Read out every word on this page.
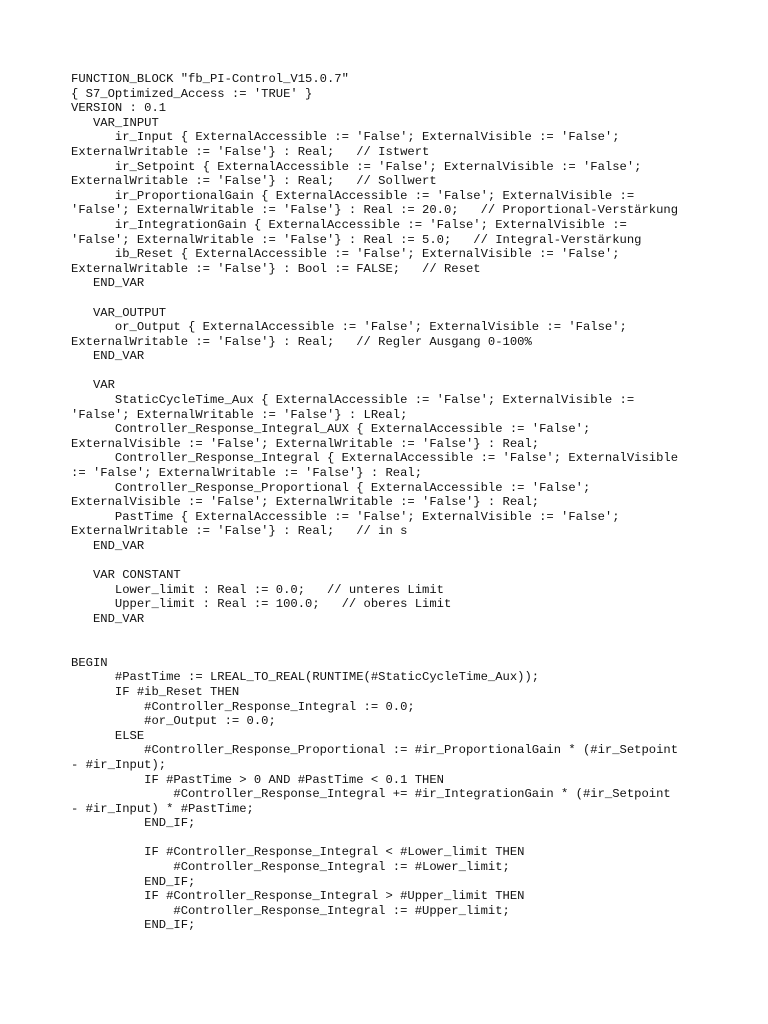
FUNCTION_BLOCK "fb_PI-Control_V15.0.7"
{ S7_Optimized_Access := 'TRUE' }
VERSION : 0.1
VAR_INPUT
ir_Input { ExternalAccessible := 'False'; ExternalVisible := 'False';
ExternalWritable := 'False'} : Real;   // Istwert
ir_Setpoint { ExternalAccessible := 'False'; ExternalVisible := 'False';
ExternalWritable := 'False'} : Real;   // Sollwert
ir_ProportionalGain { ExternalAccessible := 'False'; ExternalVisible :=
'False'; ExternalWritable := 'False'} : Real := 20.0;   // Proportional-Verstärkung
ir_IntegrationGain { ExternalAccessible := 'False'; ExternalVisible :=
'False'; ExternalWritable := 'False'} : Real := 5.0;   // Integral-Verstärkung
ib_Reset { ExternalAccessible := 'False'; ExternalVisible := 'False';
ExternalWritable := 'False'} : Bool := FALSE;   // Reset
END_VAR
VAR_OUTPUT
or_Output { ExternalAccessible := 'False'; ExternalVisible := 'False';
ExternalWritable := 'False'} : Real;   // Regler Ausgang 0-100%
END_VAR
VAR
StaticCycleTime_Aux { ExternalAccessible := 'False'; ExternalVisible :=
'False'; ExternalWritable := 'False'} : LReal;
Controller_Response_Integral_AUX { ExternalAccessible := 'False';
ExternalVisible := 'False'; ExternalWritable := 'False'} : Real;
Controller_Response_Integral { ExternalAccessible := 'False'; ExternalVisible
:= 'False'; ExternalWritable := 'False'} : Real;
Controller_Response_Proportional { ExternalAccessible := 'False';
ExternalVisible := 'False'; ExternalWritable := 'False'} : Real;
PastTime { ExternalAccessible := 'False'; ExternalVisible := 'False';
ExternalWritable := 'False'} : Real;   // in s
END_VAR
VAR CONSTANT
Lower_limit : Real := 0.0;   // unteres Limit
Upper_limit : Real := 100.0;   // oberes Limit
END_VAR
BEGIN
#PastTime := LREAL_TO_REAL(RUNTIME(#StaticCycleTime_Aux));
IF #ib_Reset THEN
#Controller_Response_Integral := 0.0;
#or_Output := 0.0;
ELSE
#Controller_Response_Proportional := #ir_ProportionalGain * (#ir_Setpoint
- #ir_Input);
IF #PastTime > 0 AND #PastTime < 0.1 THEN
#Controller_Response_Integral += #ir_IntegrationGain * (#ir_Setpoint
- #ir_Input) * #PastTime;
END_IF;
IF #Controller_Response_Integral < #Lower_limit THEN
#Controller_Response_Integral := #Lower_limit;
END_IF;
IF #Controller_Response_Integral > #Upper_limit THEN
#Controller_Response_Integral := #Upper_limit;
END_IF;
